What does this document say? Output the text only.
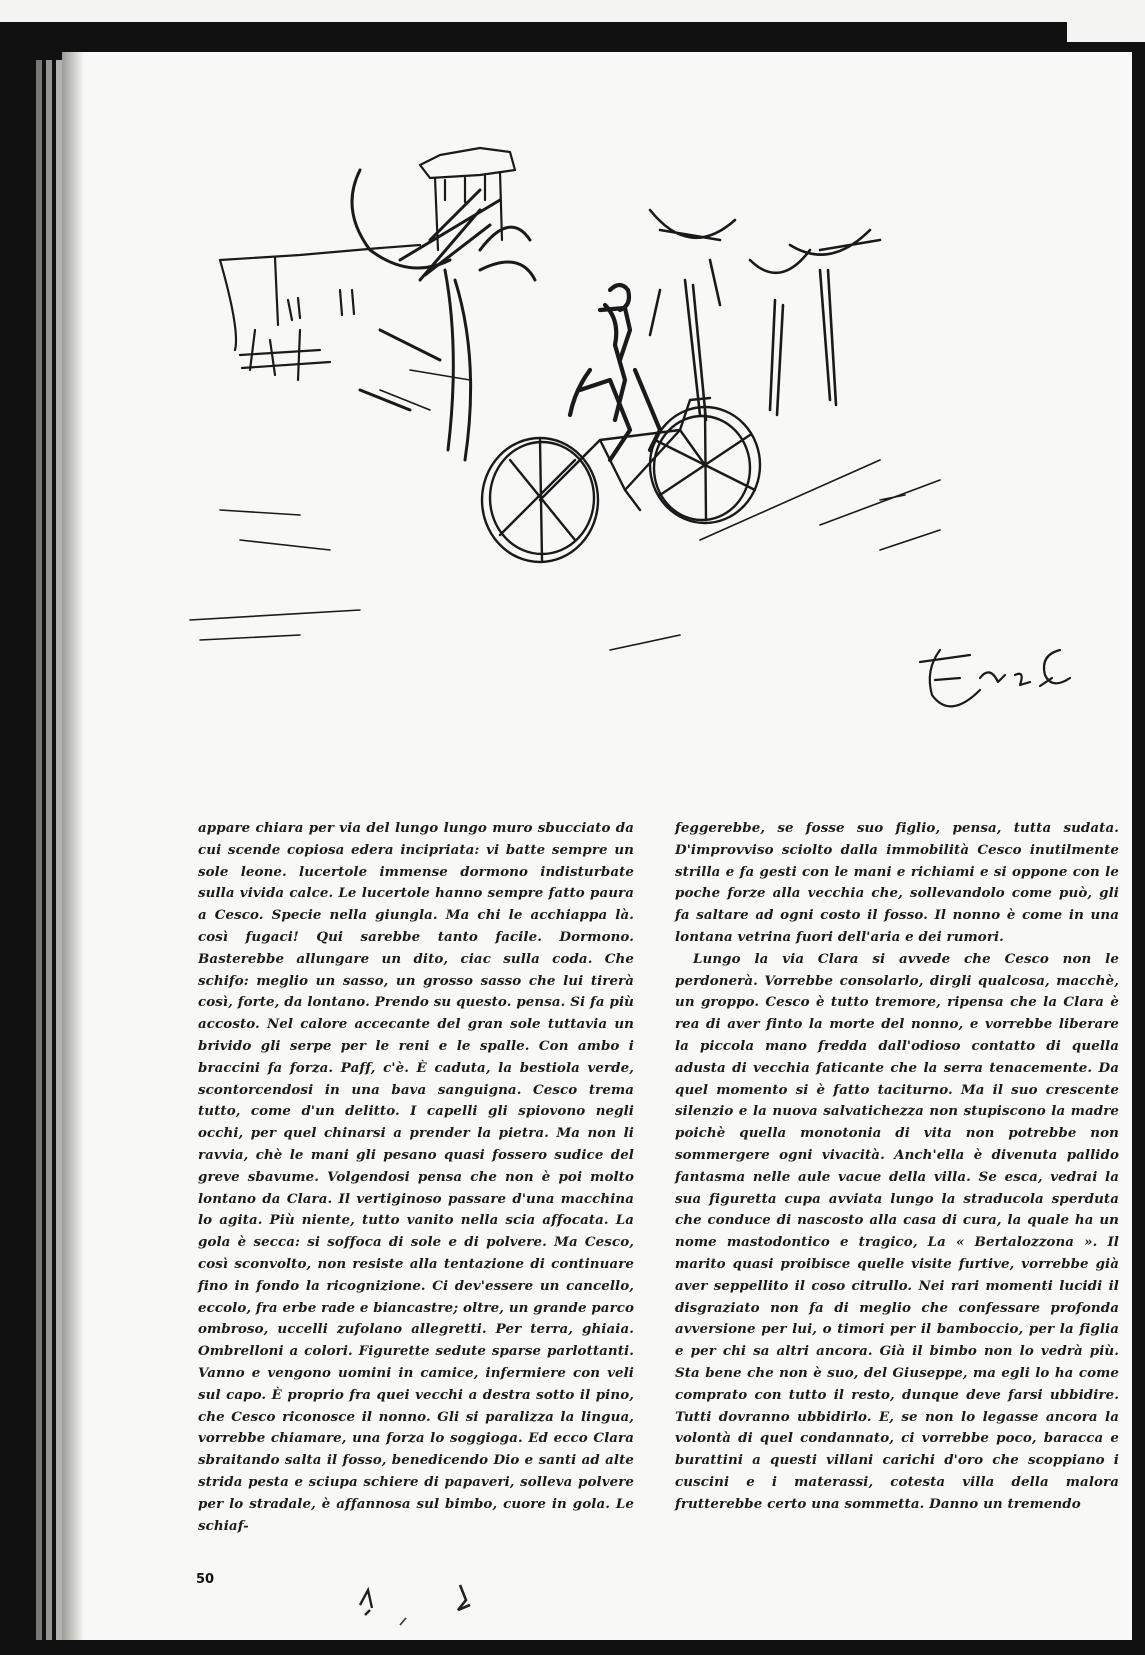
appare chiara per via del lungo lungo muro sbucciato da cui scende copiosa edera incipriata: vi batte sempre un sole leone. lucertole immense dormono indisturbate sulla vivida calce. Le lucertole hanno sempre fatto paura a Cesco. Specie nella giungla. Ma chi le acchiappa là. così fugaci! Qui sarebbe tanto facile. Dormono. Basterebbe allungare un dito, ciac sulla coda. Che schifo: meglio un sasso, un grosso sasso che lui tirerà così, forte, da lontano. Prendo su questo. pensa. Si fa più accosto. Nel calore accecante del gran sole tuttavia un brivido gli serpe per le reni e le spalle. Con ambo i braccini fa forza. Paff, c'è. È caduta, la bestiola verde, scontorcendosi in una bava sanguigna. Cesco trema tutto, come d'un delitto. I capelli gli spiovono negli occhi, per quel chinarsi a prender la pietra. Ma non li ravvia, chè le mani gli pesano quasi fossero sudice del greve sbavume. Volgendosi pensa che non è poi molto lontano da Clara. Il vertiginoso passare d'una macchina lo agita. Più niente, tutto vanito nella scia affocata. La gola è secca: si soffoca di sole e di polvere. Ma Cesco, così sconvolto, non resiste alla tentazione di continuare fino in fondo la ricognizione. Ci dev'essere un cancello, eccolo, fra erbe rade e biancastre; oltre, un grande parco ombroso, uccelli zufolano allegretti. Per terra, ghiaia. Ombrelloni a colori. Figurette sedute sparse parlottanti. Vanno e vengono uomini in camice, infermiere con veli sul capo. È proprio fra quei vecchi a destra sotto il pino, che Cesco riconosce il nonno. Gli si paralizza la lingua, vorrebbe chiamare, una forza lo soggioga. Ed ecco Clara sbraitando salta il fosso, benedicendo Dio e santi ad alte strida pesta e sciupa schiere di papaveri, solleva polvere per lo stradale, è affannosa sul bimbo, cuore in gola. Le schiaf-

feggerebbe, se fosse suo figlio, pensa, tutta sudata. D'improvviso sciolto dalla immobilità Cesco inutilmente strilla e fa gesti con le mani e richiami e si oppone con le poche forze alla vecchia che, sollevandolo come può, gli fa saltare ad ogni costo il fosso. Il nonno è come in una lontana vetrina fuori dell'aria e dei rumori.

Lungo la via Clara si avvede che Cesco non le perdonerà. Vorrebbe consolarlo, dirgli qualcosa, macchè, un groppo. Cesco è tutto tremore, ripensa che la Clara è rea di aver finto la morte del nonno, e vorrebbe liberare la piccola mano fredda dall'odioso contatto di quella adusta di vecchia faticante che la serra tenacemente. Da quel momento si è fatto taciturno. Ma il suo crescente silenzio e la nuova salvatichezza non stupiscono la madre poichè quella monotonia di vita non potrebbe non sommergere ogni vivacità. Anch'ella è divenuta pallido fantasma nelle aule vacue della villa. Se esca, vedrai la sua figuretta cupa avviata lungo la straducola sperduta che conduce di nascosto alla casa di cura, la quale ha un nome mastodontico e tragico, La « Bertalozzona ». Il marito quasi proibisce quelle visite furtive, vorrebbe già aver seppellito il coso citrullo. Nei rari momenti lucidi il disgraziato non fa di meglio che confessare profonda avversione per lui, o timori per il bamboccio, per la figlia e per chi sa altri ancora. Già il bimbo non lo vedrà più. Sta bene che non è suo, del Giuseppe, ma egli lo ha come comprato con tutto il resto, dunque deve farsi ubbidire. Tutti dovranno ubbidirlo. E, se non lo legasse ancora la volontà di quel condannato, ci vorrebbe poco, baracca e burattini a questi villani carichi d'oro che scoppiano i cuscini e i materassi, cotesta villa della malora frutterebbe certo una sommetta. Danno un tremendo

50
